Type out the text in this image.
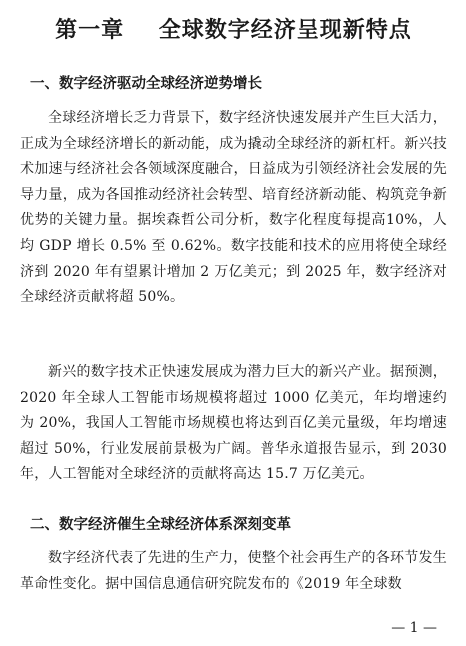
第一章    全球数字经济呈现新特点
一、数字经济驱动全球经济逆势增长

全球经济增长乏力背景下，数字经济快速发展并产生巨大活力，正成为全球经济增长的新动能，成为撬动全球经济的新杠杆。新兴技术加速与经济社会各领域深度融合，日益成为引领经济社会发展的先导力量，成为各国推动经济社会转型、培育经济新动能、构筑竞争新优势的关键力量。据埃森哲公司分析，数字化程度每提高10%，人均 GDP 增长 0.5% 至 0.62%。数字技能和技术的应用将使全球经济到 2020 年有望累计增加 2 万亿美元；到 2025 年，数字经济对全球经济贡献将超 50%。

新兴的数字技术正快速发展成为潜力巨大的新兴产业。据预测，2020 年全球人工智能市场规模将超过 1000 亿美元，年均增速约为 20%，我国人工智能市场规模也将达到百亿美元量级，年均增速超过 50%，行业发展前景极为广阔。普华永道报告显示，到 2030 年，人工智能对全球经济的贡献将高达 15.7 万亿美元。

二、数字经济催生全球经济体系深刻变革

数字经济代表了先进的生产力，使整个社会再生产的各环节发生革命性变化。据中国信息通信研究院发布的《2019 年全球数

— 1 —
